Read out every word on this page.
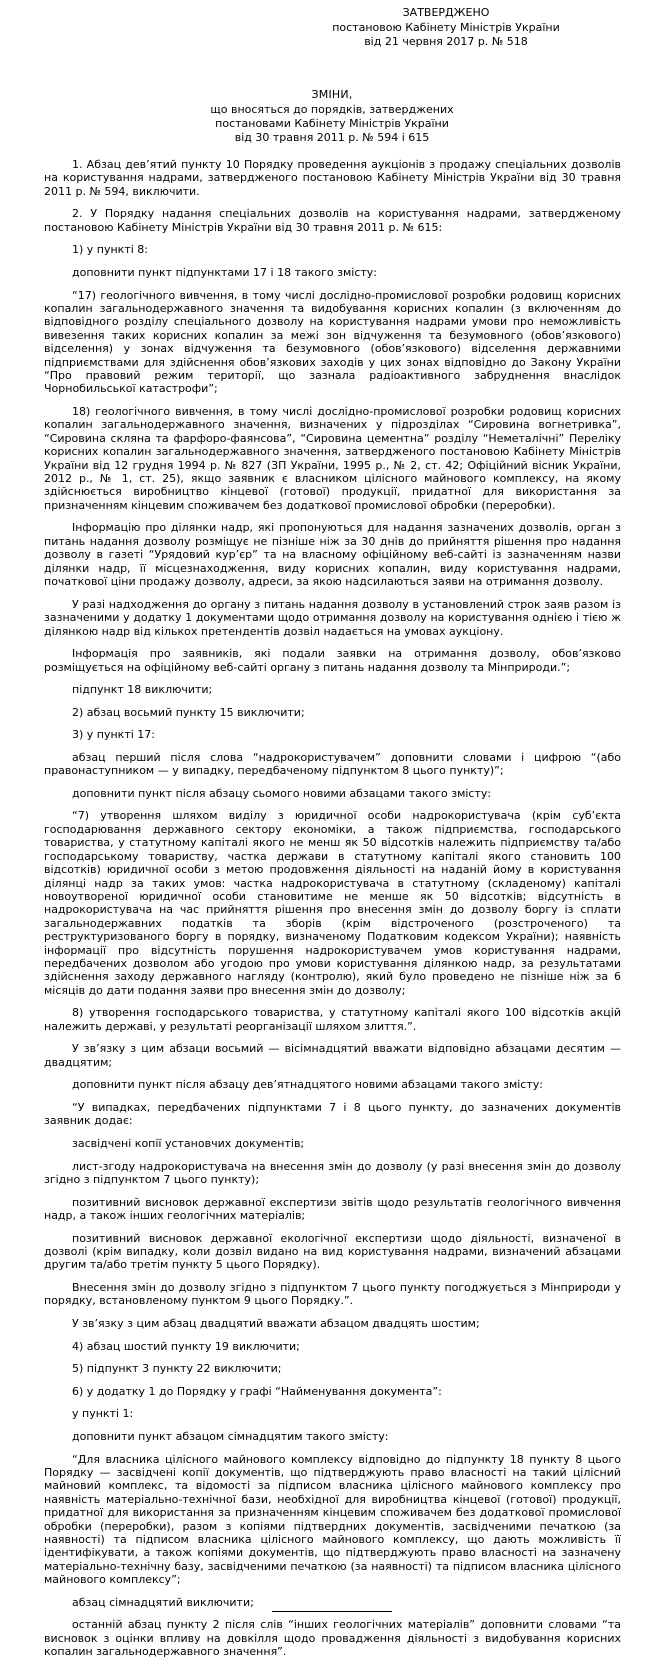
ЗАТВЕРДЖЕНО
постановою Кабінету Міністрів України
від 21 червня 2017 р. № 518
ЗМІНИ,
що вносяться до порядків, затверджених
постановами Кабінету Міністрів України
від 30 травня 2011 р. № 594 і 615

1. Абзац дев’ятий пункту 10 Порядку проведення аукціонів з продажу спеціальних дозволів на користування надрами, затвердженого постановою Кабінету Міністрів України від 30 травня 2011 р. № 594, виключити.

2. У Порядку надання спеціальних дозволів на користування надрами, затвердженому постановою Кабінету Міністрів України від 30 травня 2011 р. № 615:

1) у пункті 8:

доповнити пункт підпунктами 17 і 18 такого змісту:

“17) геологічного вивчення, в тому числі дослідно-промислової розробки родовищ корисних копалин загальнодержавного значення та видобування корисних копалин (з включенням до відповідного розділу спеціального дозволу на користування надрами умови про неможливість вивезення таких корисних копалин за межі зон відчуження та безумовного (обов’язкового) відселення) у зонах відчуження та безумовного (обов’язкового) відселення державними підприємствами для здійснення обов’язкових заходів у цих зонах відповідно до Закону України “Про правовий режим території, що зазнала радіоактивного забруднення внаслідок Чорнобильської катастрофи”;

18) геологічного вивчення, в тому числі дослідно-промислової розробки родовищ корисних копалин загальнодержавного значення, визначених у підрозділах “Сировина вогнетривка”, “Сировина скляна та фарфоро-фаянсова”, “Сировина цементна” розділу “Неметалічні” Переліку корисних копалин загальнодержавного значення, затвердженого постановою Кабінету Міністрів України від 12 грудня 1994 р. № 827 (ЗП України, 1995 р., № 2, ст. 42; Офіційний вісник України, 2012 р., № 1, ст. 25), якщо заявник є власником цілісного майнового комплексу, на якому здійснюється виробництво кінцевої (готової) продукції, придатної для використання за призначенням кінцевим споживачем без додаткової промислової обробки (переробки).

Інформацію про ділянки надр, які пропонуються для надання зазначених дозволів, орган з питань надання дозволу розміщує не пізніше ніж за 30 днів до прийняття рішення про надання дозволу в газеті “Урядовий кур’єр” та на власному офіційному веб-сайті із зазначенням назви ділянки надр, її місцезнаходження, виду корисних копалин, виду користування надрами, початкової ціни продажу дозволу, адреси, за якою надсилаються заяви на отримання дозволу.

У разі надходження до органу з питань надання дозволу в установлений строк заяв разом із зазначеними у додатку 1 документами щодо отримання дозволу на користування однією і тією ж ділянкою надр від кількох претендентів дозвіл надається на умовах аукціону.

Інформація про заявників, які подали заявки на отримання дозволу, обов’язково розміщується на офіційному веб-сайті органу з питань надання дозволу та Мінприроди.”;

підпункт 18 виключити;

2) абзац восьмий пункту 15 виключити;

3) у пункті 17:

абзац перший після слова “надрокористувачем” доповнити словами і цифрою “(або правонаступником — у випадку, передбаченому підпунктом 8 цього пункту)”;

доповнити пункт після абзацу сьомого новими абзацами такого змісту:

“7) утворення шляхом виділу з юридичної особи надрокористувача (крім суб’єкта господарювання державного сектору економіки, а також підприємства, господарського товариства, у статутному капіталі якого не менш як 50 відсотків належить підприємству та/або господарському товариству, частка держави в статутному капіталі якого становить 100 відсотків) юридичної особи з метою продовження діяльності на наданій йому в користування ділянці надр за таких умов: частка надрокористувача в статутному (складеному) капіталі новоутвореної юридичної особи становитиме не менше як 50 відсотків; відсутність в надрокористувача на час прийняття рішення про внесення змін до дозволу боргу із сплати загальнодержавних податків та зборів (крім відстроченого (розстроченого) та реструктуризованого боргу в порядку, визначеному Податковим кодексом України); наявність інформації про відсутність порушення надрокористувачем умов користування надрами, передбачених дозволом або угодою про умови користування ділянкою надр, за результатами здійснення заходу державного нагляду (контролю), який було проведено не пізніше ніж за 6 місяців до дати подання заяви про внесення змін до дозволу;

8) утворення господарського товариства, у статутному капіталі якого 100 відсотків акцій належить державі, у результаті реорганізації шляхом злиття.”.

У зв’язку з цим абзаци восьмий — вісімнадцятий вважати відповідно абзацами десятим — двадцятим;

доповнити пункт після абзацу дев’ятнадцятого новими абзацами такого змісту:

“У випадках, передбачених підпунктами 7 і 8 цього пункту, до зазначених документів заявник додає:

засвідчені копії установчих документів;

лист-згоду надрокористувача на внесення змін до дозволу (у разі внесення змін до дозволу згідно з підпунктом 7 цього пункту);

позитивний висновок державної експертизи звітів щодо результатів геологічного вивчення надр, а також інших геологічних матеріалів;

позитивний висновок державної екологічної експертизи щодо діяльності, визначеної в дозволі (крім випадку, коли дозвіл видано на вид користування надрами, визначений абзацами другим та/або третім пункту 5 цього Порядку).

Внесення змін до дозволу згідно з підпунктом 7 цього пункту погоджується з Мінприроди у порядку, встановленому пунктом 9 цього Порядку.”.

У зв’язку з цим абзац двадцятий вважати абзацом двадцять шостим;

4) абзац шостий пункту 19 виключити;

5) підпункт 3 пункту 22 виключити;

6) у додатку 1 до Порядку у графі “Найменування документа”:

у пункті 1:

доповнити пункт абзацом сімнадцятим такого змісту:

“Для власника цілісного майнового комплексу відповідно до підпункту 18 пункту 8 цього Порядку — засвідчені копії документів, що підтверджують право власності на такий цілісний майновий комплекс, та відомості за підписом власника цілісного майнового комплексу про наявність матеріально-технічної бази, необхідної для виробництва кінцевої (готової) продукції, придатної для використання за призначенням кінцевим споживачем без додаткової промислової обробки (переробки), разом з копіями підтвердних документів, засвідченими печаткою (за наявності) та підписом власника цілісного майнового комплексу, що дають можливість її ідентифікувати, а також копіями документів, що підтверджують право власності на зазначену матеріально-технічну базу, засвідченими печаткою (за наявності) та підписом власника цілісного майнового комплексу”;

абзац сімнадцятий виключити;

останній абзац пункту 2 після слів “інших геологічних матеріалів” доповнити словами “та висновок з оцінки впливу на довкілля щодо провадження діяльності з видобування корисних копалин загальнодержавного значення”.
